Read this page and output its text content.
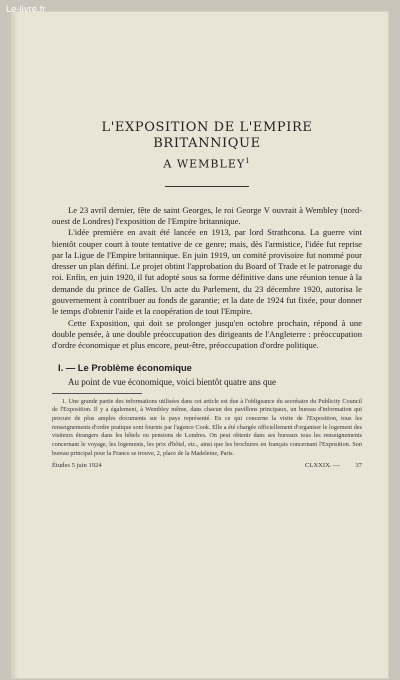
Le-livre.fr
L'EXPOSITION DE L'EMPIRE BRITANNIQUE
A WEMBLEY$^1$

Le 23 avril dernier, fête de saint Georges, le roi George V ouvrait à Wembley (nord-ouest de Londres) l'exposition de l'Empire britannique.

L'idée première en avait été lancée en 1913, par lord Strathcona. La guerre vint bientôt couper court à toute tentative de ce genre; mais, dès l'armistice, l'idée fut reprise par la Ligue de l'Empire britannique. En juin 1919, un comité provisoire fut nommé pour dresser un plan défini. Le projet obtint l'approbation du Board of Trade et le patronage du roi. Enfin, en juin 1920, il fut adopté sous sa forme définitive dans une réunion tenue à la demande du prince de Galles. Un acte du Parlement, du 23 décembre 1920, autorisa le gouvernement à contribuer au fonds de garantie; et la date de 1924 fut fixée, pour donner le temps d'obtenir l'aide et la coopération de tout l'Empire.

Cette Exposition, qui doit se prolonger jusqu'en octobre prochain, répond à une double pensée, à une double préoccupation des dirigeants de l'Angleterre : préoccupation d'ordre économique et plus encore, peut-être, préoccupation d'ordre politique.

I. — Le Problème économique

Au point de vue économique, voici bientôt quatre ans que

1. Une grande partie des informations utilisées dans cet article est due à l'obligeance du secrétaire du Publicity Council de l'Exposition. Il y a également, à Wembley même, dans chacun des pavillons principaux, un bureau d'information qui procure de plus amples documents sur le pays représenté. En ce qui concerne la visite de l'Exposition, tous les renseignements d'ordre pratique sont fournis par l'agence Cook. Elle a été chargée officiellement d'organiser le logement des visiteurs étrangers dans les hôtels ou pensions de Londres. On peut obtenir dans ses bureaux tous les renseignements concernant le voyage, les logements, les prix d'hôtel, etc., ainsi que les brochures en français concernant l'Exposition. Son bureau principal pour la France se trouve, 2, place de la Madeleine, Paris.

Études 5 juin 1924	CLXXIX. — 37
